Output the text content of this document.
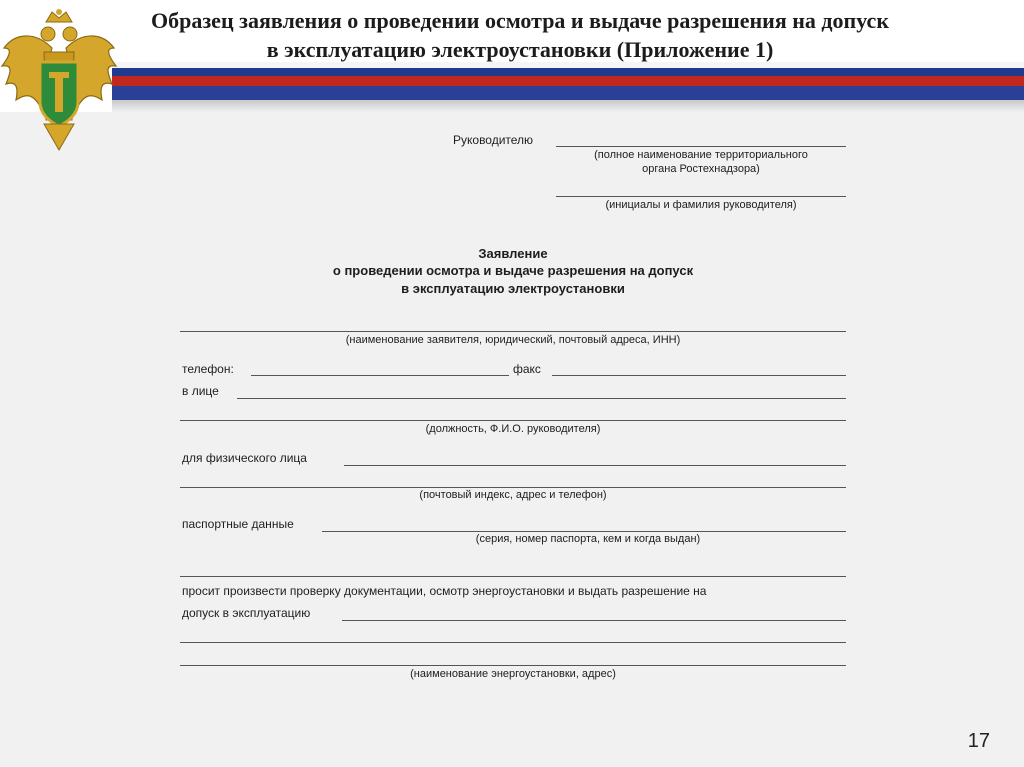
Образец заявления о проведении осмотра и выдаче разрешения на допуск
в эксплуатацию электроустановки (Приложение 1)
Руководителю
(полное наименование территориального
органа Ростехнадзора)
(инициалы и фамилия руководителя)
Заявление
о проведении осмотра и выдаче разрешения на допуск
в эксплуатацию электроустановки
(наименование заявителя, юридический, почтовый адреса, ИНН)
телефон:	факс
в лице
(должность, Ф.И.О. руководителя)
для физического лица
(почтовый индекс, адрес и телефон)
паспортные данные
(серия, номер паспорта, кем и когда выдан)
просит произвести проверку документации, осмотр энергоустановки и выдать разрешение на
допуск в эксплуатацию
(наименование энергоустановки, адрес)
17
